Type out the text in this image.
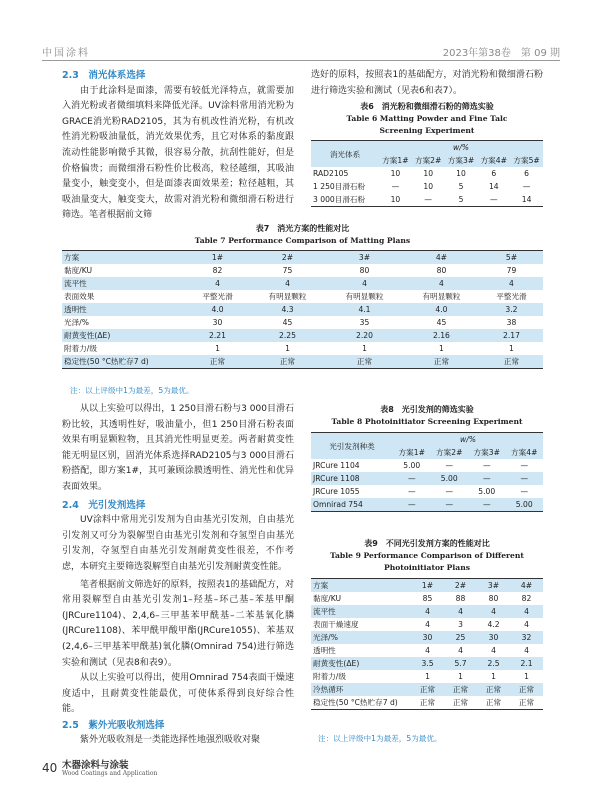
中国涂料	2023年第38卷　第 09 期

2.3　消光体系选择

由于此涂料是面漆，需要有较低光泽特点，就需要加入消光粉或者微细填料来降低光泽。UV涂料常用消光粉为GRACE消光粉RAD2105，其为有机改性消光粉，有机改性消光粉吸油量低，消光效果优秀，且它对体系的黏度跟流动性能影响微乎其微，很容易分散，抗刮性能好，但是价格偏贵；而微细滑石粉性价比极高，粒径越细，其吸油量变小，触变变小，但是面漆表面效果差；粒径越粗，其吸油量变大，触变变大，故需对消光粉和微细滑石粉进行筛选。笔者根据前文筛

选好的原料，按照表1的基础配方，对消光粉和微细滑石粉进行筛选实验和测试（见表6和表7）。

表6　消光粉和微细滑石粉的筛选实验
Table 6 Matting Powder and Fine Talc Screening Experiment
消光体系	w/%				
	方案1#	方案2#	方案3#	方案4#	方案5#
RAD2105	10	10	10	6	6
1 250目滑石粉	—	10	5	14	—
3 000目滑石粉	10	—	5	—	14
表7　消光方案的性能对比
Table 7 Performance Comparison of Matting Plans
方案	1#	2#	3#	4#	5#
黏度/KU	82	75	80	80	79
流平性	4	4	4	4	4
表面效果	平整光滑	有明显颗粒	有明显颗粒	有明显颗粒	平整光滑
透明性	4.0	4.3	4.1	4.0	3.2
光泽/%	30	45	35	45	38
耐黄变性(ΔE)	2.21	2.25	2.20	2.16	2.17
附着力/级	1	1	1	1	1
稳定性(50 °C热贮存7 d)	正常	正常	正常	正常	正常
注：以上评级中1为最差，5为最优。

从以上实验可以得出，1 250目滑石粉与3 000目滑石粉比较，其透明性好，吸油量小，但1 250目滑石粉表面效果有明显颗粒物，且其消光性明显更差。两者耐黄变性能无明显区别，固消光体系选择RAD2105与3 000目滑石粉搭配，即方案1#，其可兼顾涂膜透明性、消光性和优异表面效果。

2.4　光引发剂选择

UV涂料中常用光引发剂为自由基光引发剂，自由基光引发剂又可分为裂解型自由基光引发剂和夺氢型自由基光引发剂，夺氢型自由基光引发剂耐黄变性很差，不作考虑，本研究主要筛选裂解型自由基光引发剂耐黄变性能。

笔者根据前文筛选好的原料，按照表1的基础配方，对常用裂解型自由基光引发剂1–羟基–环己基–苯基甲酮(JRCure1104)、2,4,6–三甲基苯甲酰基–二苯基氧化膦(JRCure1108)、苯甲酰甲酸甲酯(JRCure1055)、苯基双(2,4,6–三甲基苯甲酰基)氧化膦(Omnirad 754)进行筛选实验和测试（见表8和表9）。

从以上实验可以得出，使用Omnirad 754表面干燥速度适中，且耐黄变性能最优，可使体系得到良好综合性能。

2.5　紫外光吸收剂选择

紫外光吸收剂是一类能选择性地强烈吸收对聚

表8　光引发剂的筛选实验
Table 8 Photoinitiator Screening Experiment
光引发剂种类	w/%			
	方案1#	方案2#	方案3#	方案4#
JRCure 1104	5.00	—	—	—
JRCure 1108	—	5.00	—	—
JRCure 1055	—	—	5.00	—
Omnirad 754	—	—	—	5.00
表9　不同光引发剂方案的性能对比
Table 9 Performance Comparison of Different
Photoinitiator Plans
方案	1#	2#	3#	4#
黏度/KU	85	88	80	82
流平性	4	4	4	4
表面干燥速度	4	3	4.2	4
光泽/%	30	25	30	32
透明性	4	4	4	4
耐黄变性(ΔE)	3.5	5.7	2.5	2.1
附着力/级	1	1	1	1
冷热循环	正常	正常	正常	正常
稳定性(50 °C热贮存7 d)	正常	正常	正常	正常
注：以上评级中1为最差，5为最优。
40 木器涂料与涂装
Wood Coatings and Application
